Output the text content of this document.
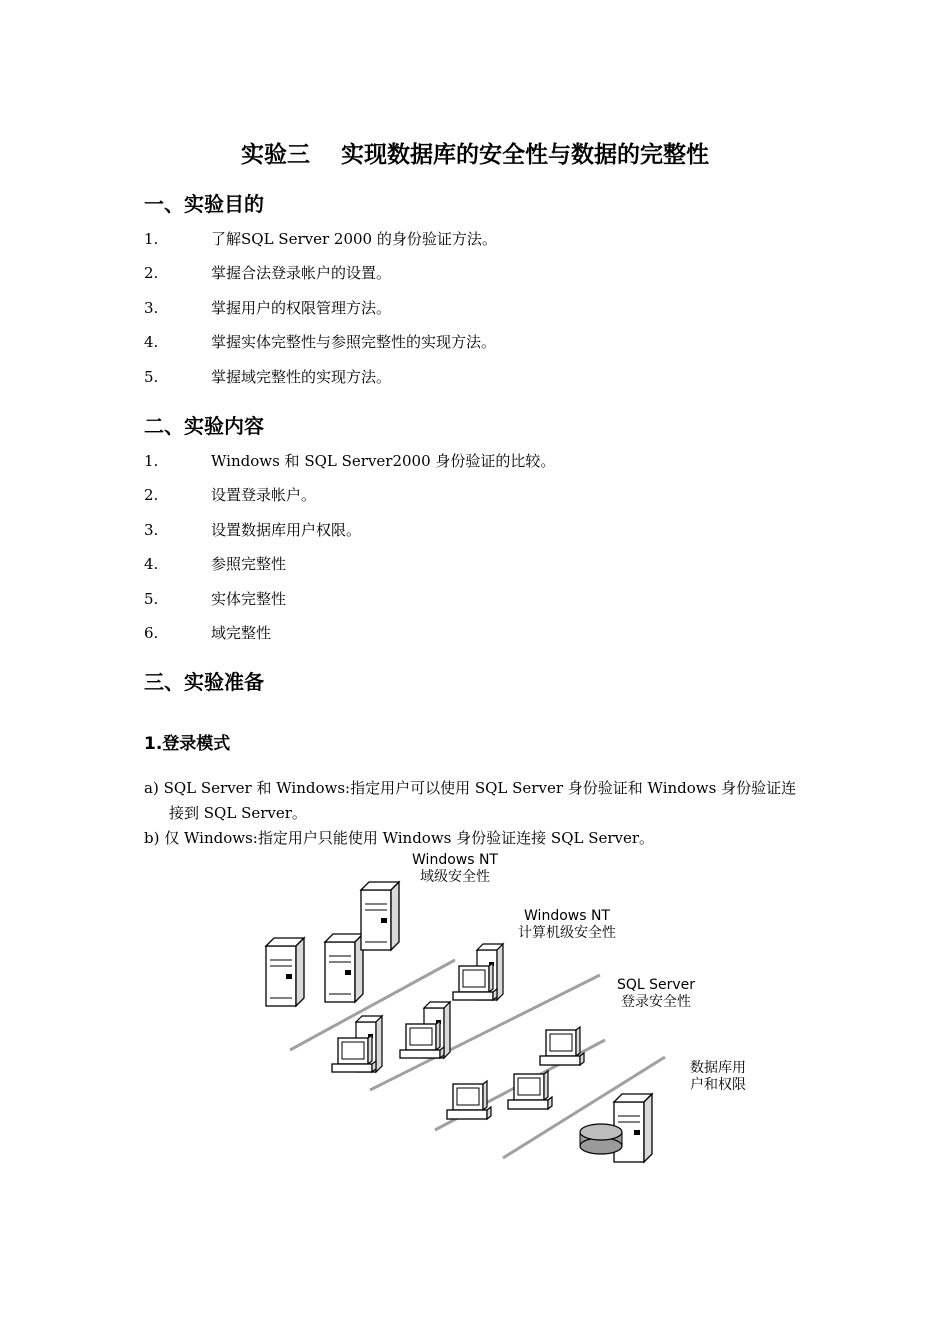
实验三　 实现数据库的安全性与数据的完整性
一、实验目的
1.	了解SQL Server 2000 的身份验证方法。
2.	掌握合法登录帐户的设置。
3.	掌握用户的权限管理方法。
4.	掌握实体完整性与参照完整性的实现方法。
5.	掌握域完整性的实现方法。
二、实验内容
1.	Windows 和 SQL Server2000 身份验证的比较。
2.	设置登录帐户。
3.	设置数据库用户权限。
4.	参照完整性
5.	实体完整性
6.	域完整性
三、实验准备
1.登录模式
a) SQL Server 和 Windows:指定用户可以使用 SQL Server 身份验证和 Windows 身份验证连
接到 SQL Server。
b) 仅 Windows:指定用户只能使用 Windows 身份验证连接 SQL Server。
Windows NT
域级安全性
Windows NT
计算机级安全性
SQL Server
登录安全性
数据库用
户和权限
